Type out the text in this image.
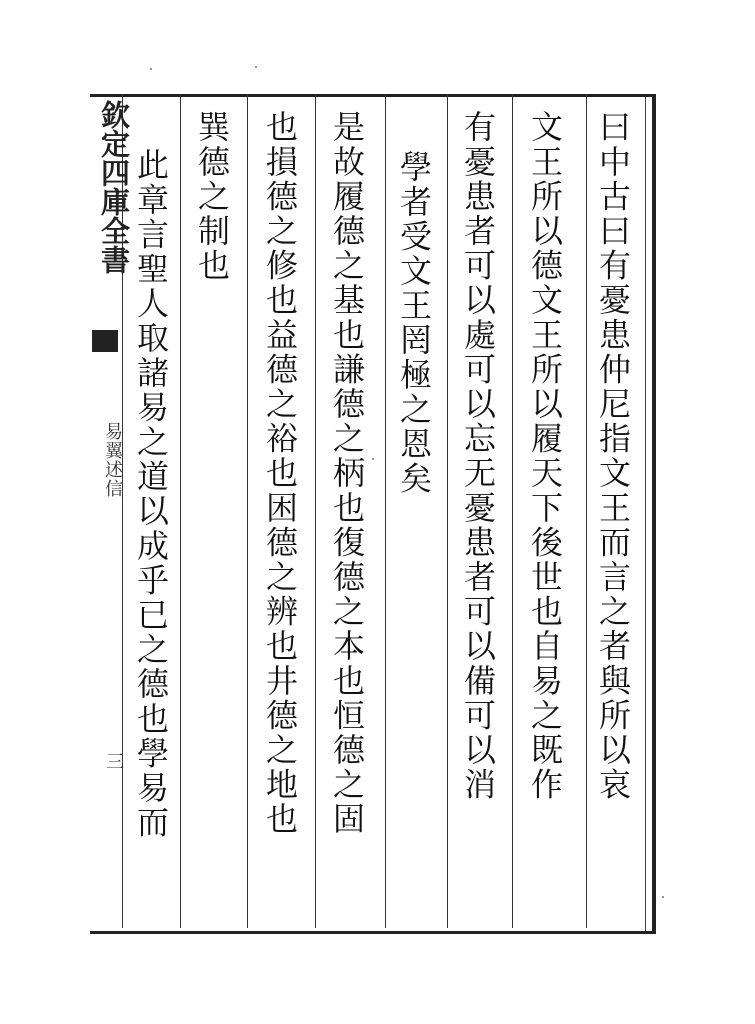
欽定四庫全書
易翼述信
三	曰中古曰有憂患仲尼指文王而言之者與所以哀
文王所以德文王所以履天下後世也自易之既作
有憂患者可以處可以忘无憂患者可以備可以消
學者受文王罔極之恩矣
是故履德之基也謙德之柄也復德之本也恒德之固
也損德之修也益德之裕也困德之辨也井德之地也
巽德之制也
此章言聖人取諸易之道以成乎已之德也學易而
